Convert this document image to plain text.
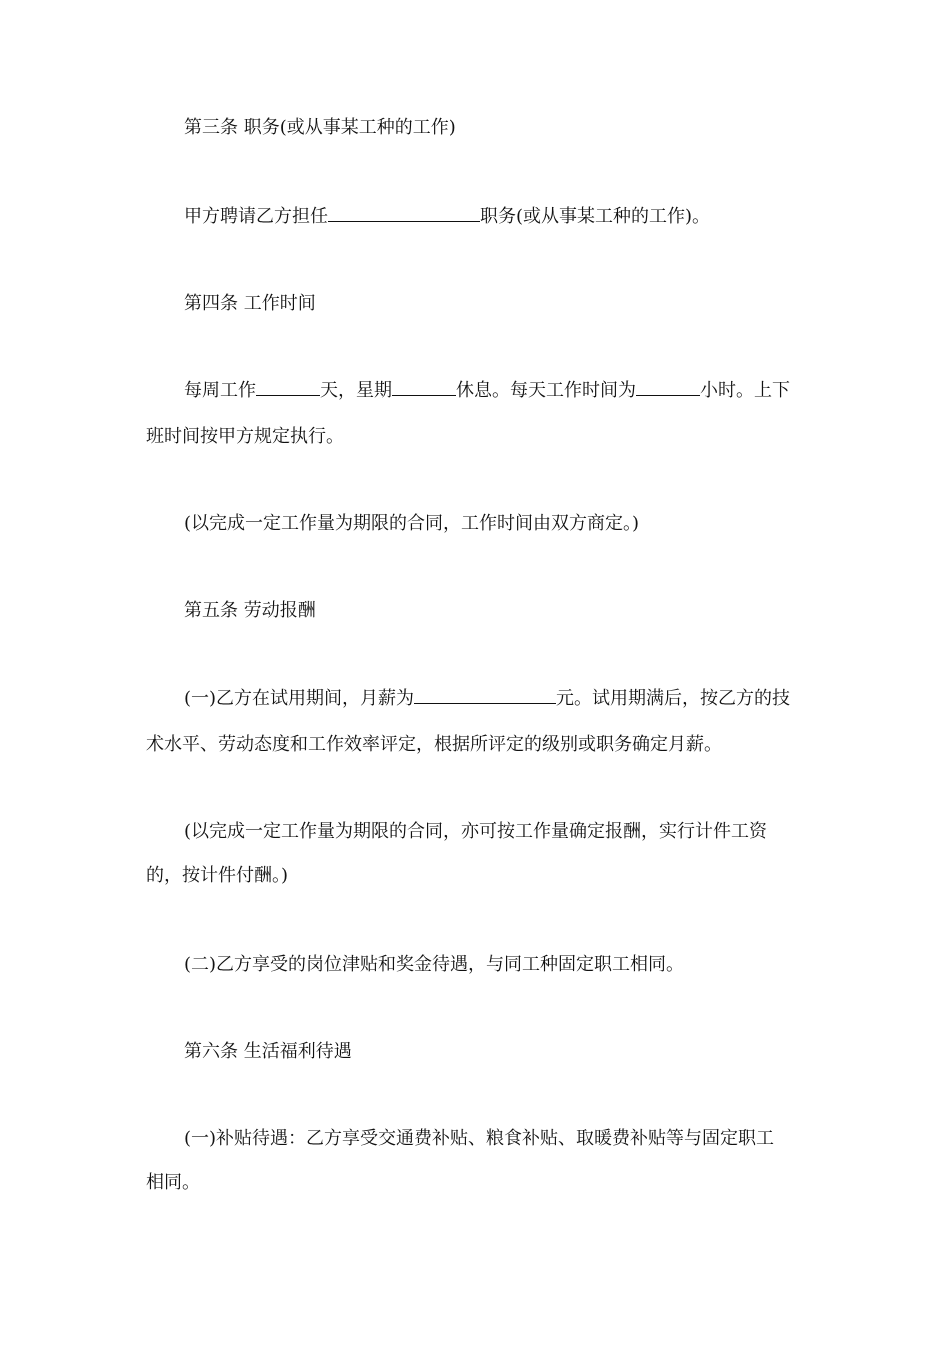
第三条 职务(或从事某工种的工作)
甲方聘请乙方担任	职务(或从事某工种的工作)。
第四条 工作时间
每周工作	天，星期	休息。每天工作时间为	小时。上下
班时间按甲方规定执行。
(以完成一定工作量为期限的合同，工作时间由双方商定。)
第五条 劳动报酬
(一)乙方在试用期间，月薪为	元。试用期满后，按乙方的技
术水平、劳动态度和工作效率评定，根据所评定的级别或职务确定月薪。
(以完成一定工作量为期限的合同，亦可按工作量确定报酬，实行计件工资
的，按计件付酬。)
(二)乙方享受的岗位津贴和奖金待遇，与同工种固定职工相同。
第六条 生活福利待遇
(一)补贴待遇：乙方享受交通费补贴、粮食补贴、取暖费补贴等与固定职工
相同。
